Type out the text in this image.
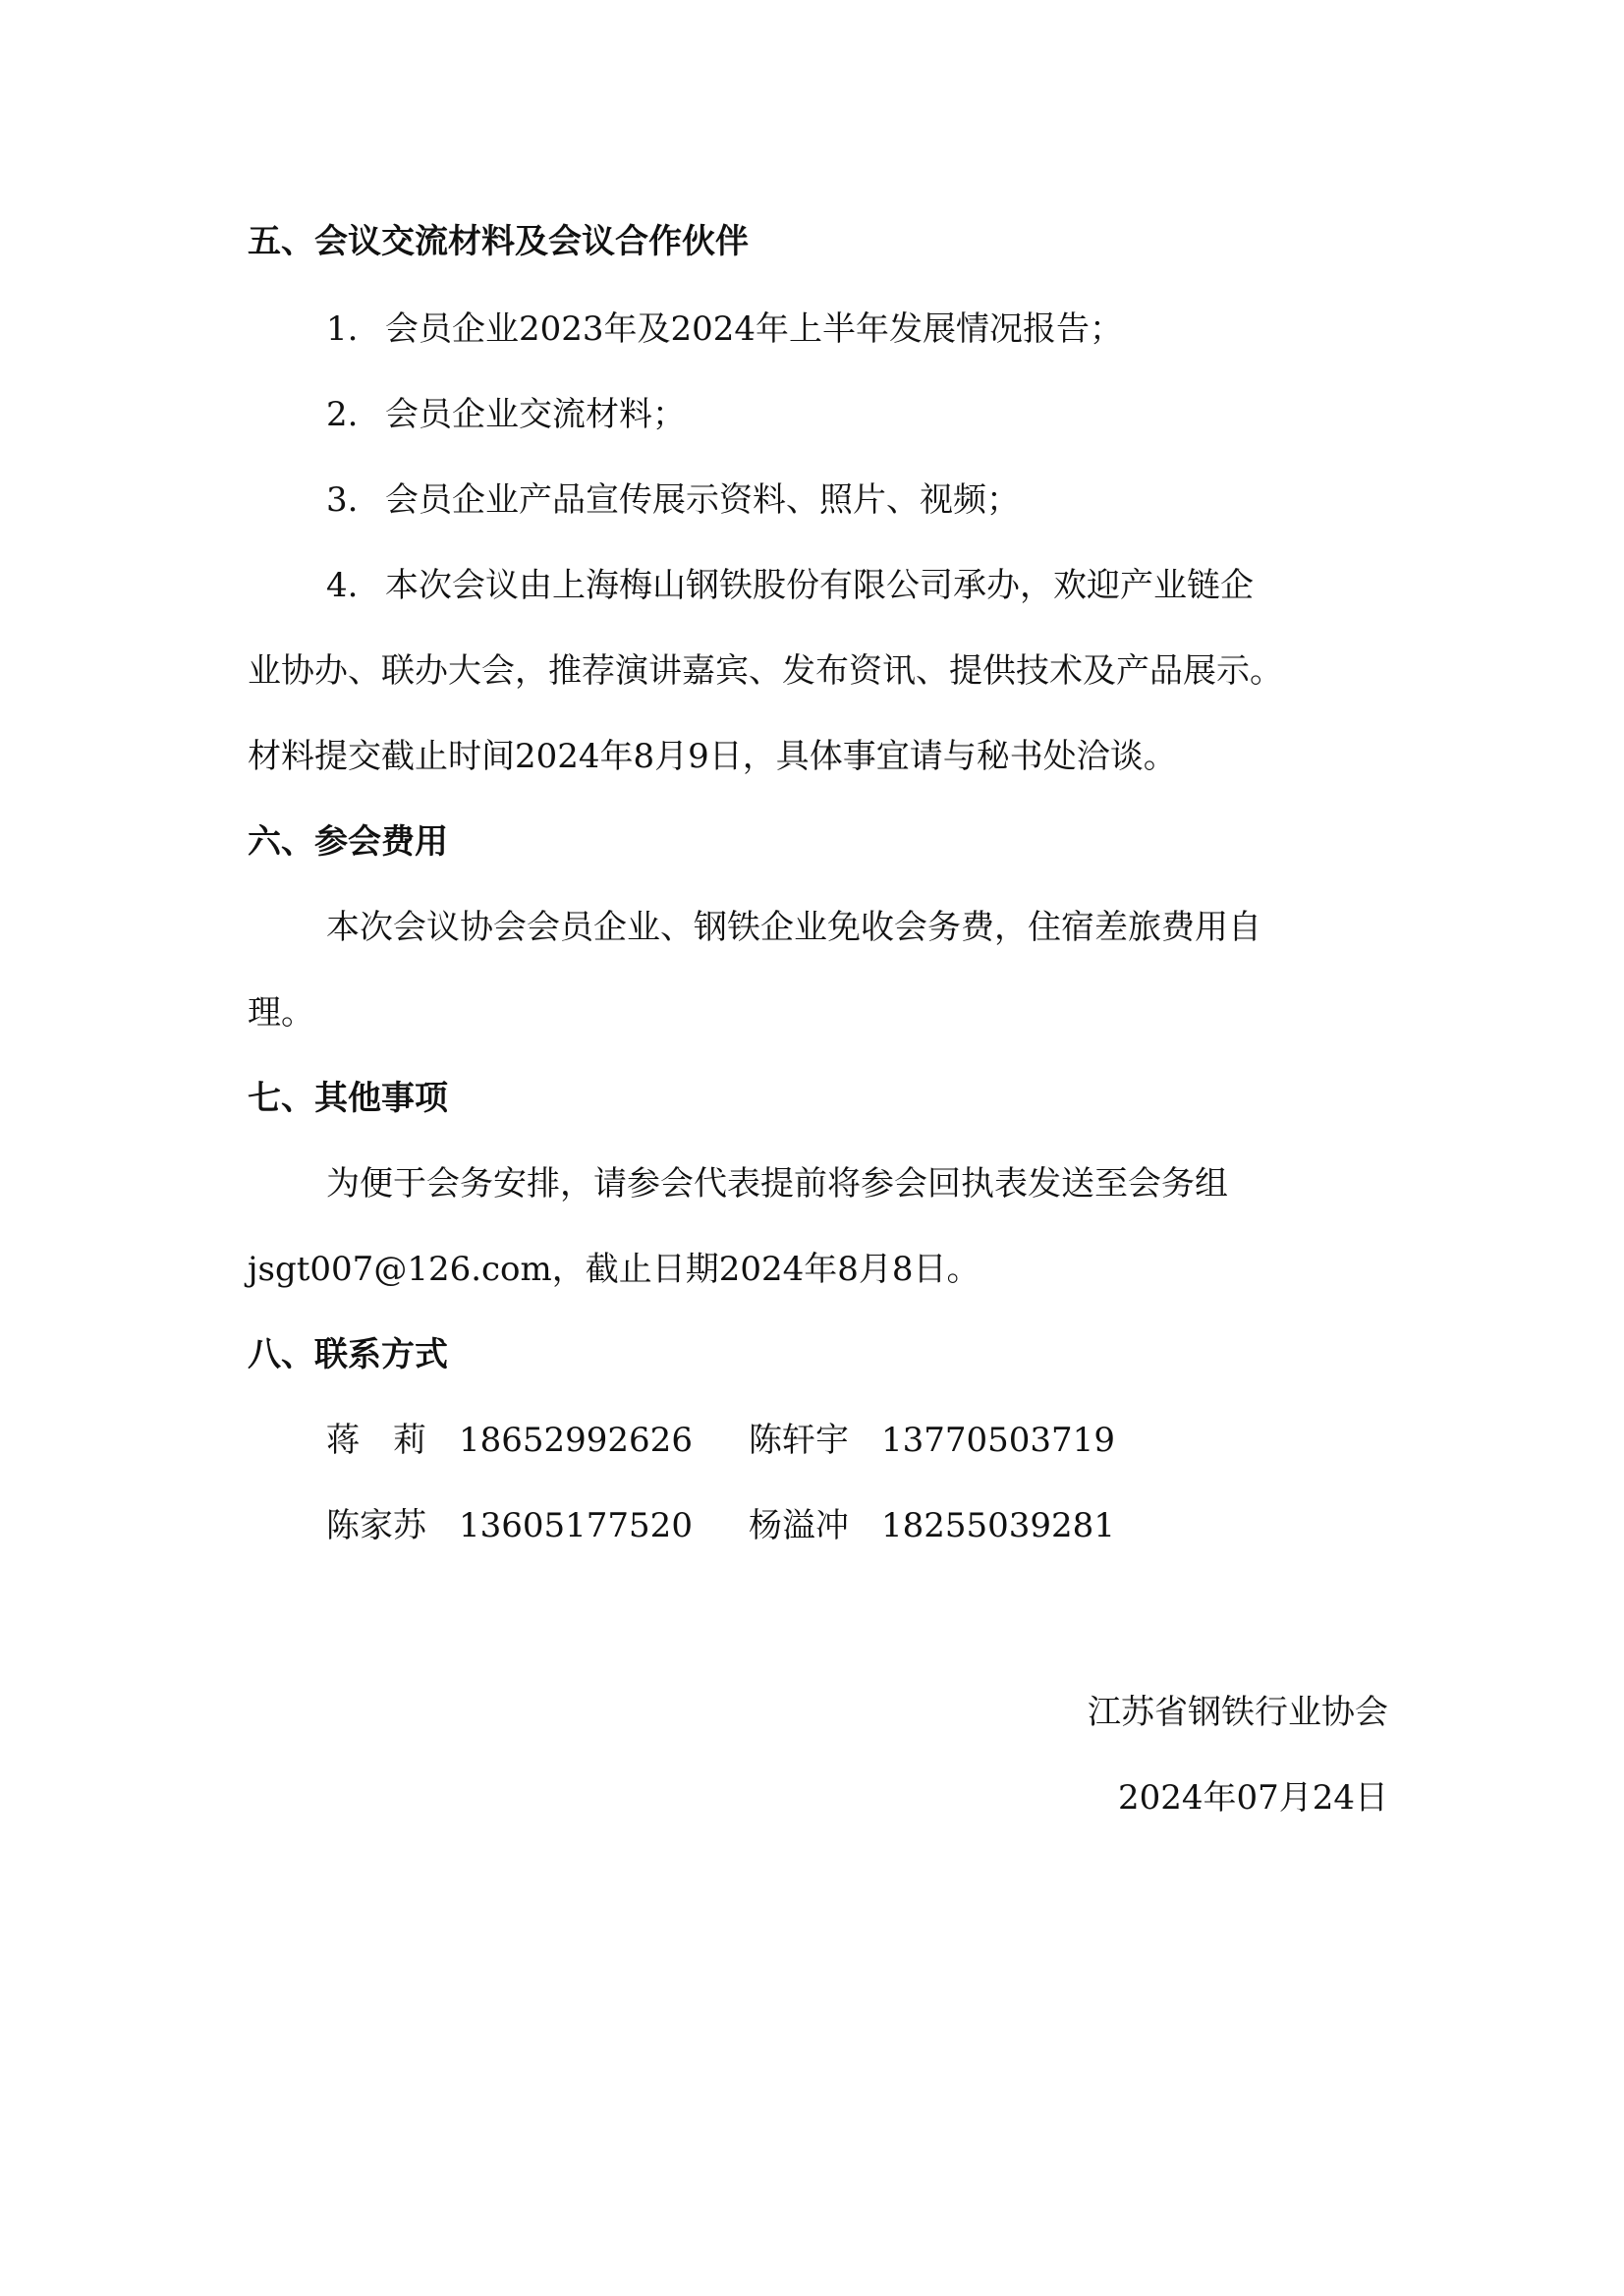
五、会议交流材料及会议合作伙伴
1. 会员企业2023年及2024年上半年发展情况报告；
2. 会员企业交流材料；
3. 会员企业产品宣传展示资料、照片、视频；
4. 本次会议由上海梅山钢铁股份有限公司承办，欢迎产业链企
业协办、联办大会，推荐演讲嘉宾、发布资讯、提供技术及产品展示。
材料提交截止时间2024年8月9日，具体事宜请与秘书处洽谈。
六、参会费用
本次会议协会会员企业、钢铁企业免收会务费，住宿差旅费用自
理。
七、其他事项
为便于会务安排，请参会代表提前将参会回执表发送至会务组
jsgt007@126.com，截止日期2024年8月8日。
八、联系方式
蒋　莉 18652992626 陈轩宇 13770503719
陈家苏 13605177520 杨溢冲 18255039281
江苏省钢铁行业协会
2024年07月24日
